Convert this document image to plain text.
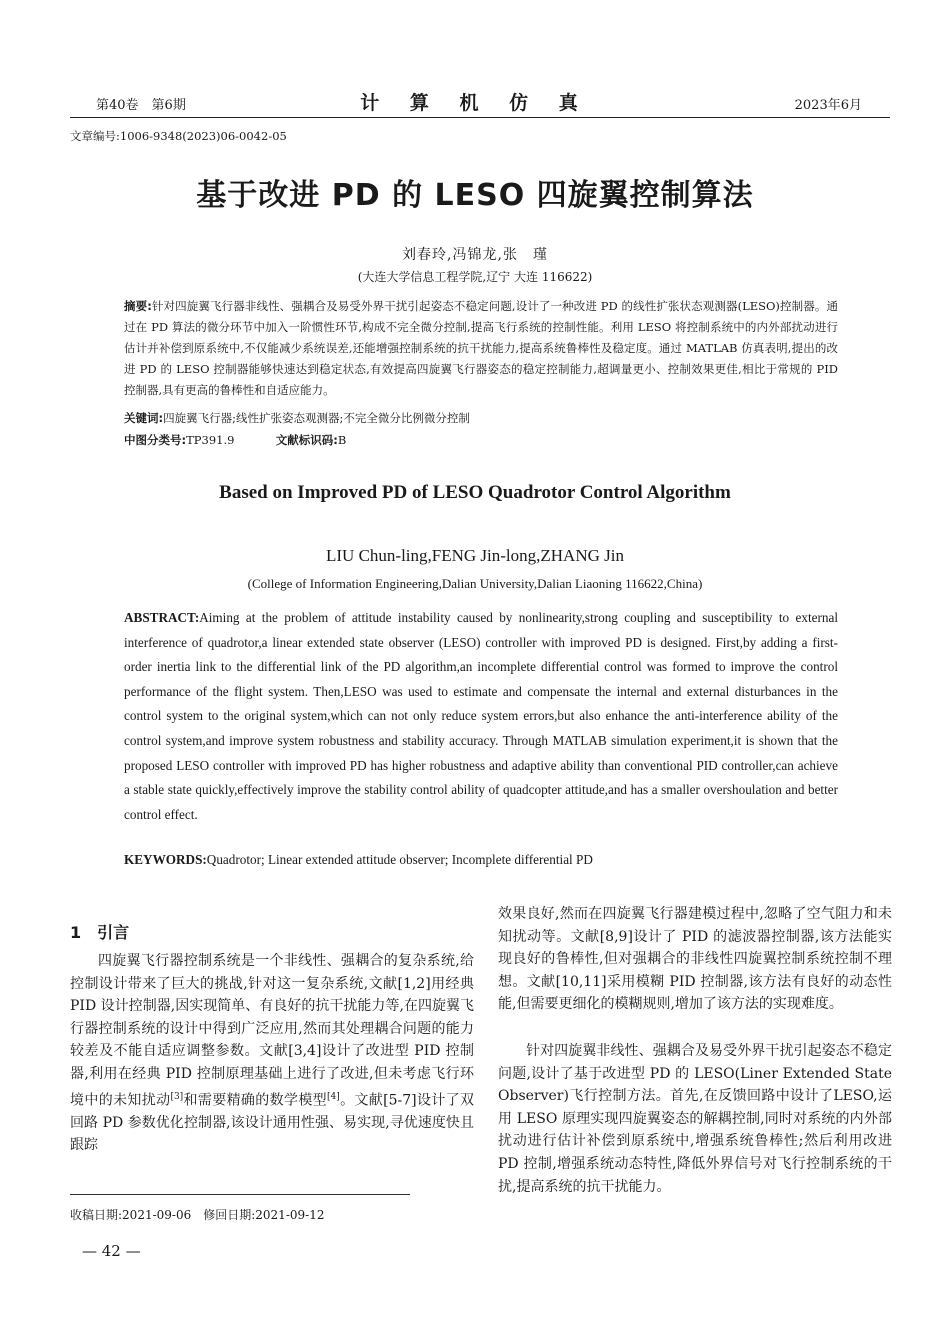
第40卷　第6期	计 算 机 仿 真	2023年6月
文章编号:1006-9348(2023)06-0042-05
基于改进 PD 的 LESO 四旋翼控制算法
刘春玲,冯锦龙,张　瑾
(大连大学信息工程学院,辽宁 大连 116622)
摘要:针对四旋翼飞行器非线性、强耦合及易受外界干扰引起姿态不稳定问题,设计了一种改进 PD 的线性扩张状态观测器(LESO)控制器。通过在 PD 算法的微分环节中加入一阶惯性环节,构成不完全微分控制,提高飞行系统的控制性能。利用 LESO 将控制系统中的内外部扰动进行估计并补偿到原系统中,不仅能减少系统误差,还能增强控制系统的抗干扰能力,提高系统鲁棒性及稳定度。通过 MATLAB 仿真表明,提出的改进 PD 的 LESO 控制器能够快速达到稳定状态,有效提高四旋翼飞行器姿态的稳定控制能力,超调量更小、控制效果更佳,相比于常规的 PID 控制器,具有更高的鲁棒性和自适应能力。
关键词:四旋翼飞行器;线性扩张姿态观测器;不完全微分比例微分控制
中图分类号:TP391.9	文献标识码:B
Based on Improved PD of LESO Quadrotor Control Algorithm
LIU Chun-ling,FENG Jin-long,ZHANG Jin
(College of Information Engineering,Dalian University,Dalian Liaoning 116622,China)
ABSTRACT:Aiming at the problem of attitude instability caused by nonlinearity,strong coupling and susceptibility to external interference of quadrotor,a linear extended state observer (LESO) controller with improved PD is designed. First,by adding a first-order inertia link to the differential link of the PD algorithm,an incomplete differential control was formed to improve the control performance of the flight system. Then,LESO was used to estimate and compensate the internal and external disturbances in the control system to the original system,which can not only reduce system errors,but also enhance the anti-interference ability of the control system,and improve system robustness and stability accuracy. Through MATLAB simulation experiment,it is shown that the proposed LESO controller with improved PD has higher robustness and adaptive ability than conventional PID controller,can achieve a stable state quickly,effectively improve the stability control ability of quadcopter attitude,and has a smaller overshoulation and better control effect.
KEYWORDS:Quadrotor; Linear extended attitude observer; Incomplete differential PD
1 引言
四旋翼飞行器控制系统是一个非线性、强耦合的复杂系统,给控制设计带来了巨大的挑战,针对这一复杂系统,文献[1,2]用经典 PID 设计控制器,因实现简单、有良好的抗干扰能力等,在四旋翼飞行器控制系统的设计中得到广泛应用,然而其处理耦合问题的能力较差及不能自适应调整参数。文献[3,4]设计了改进型 PID 控制器,利用在经典 PID 控制原理基础上进行了改进,但未考虑飞行环境中的未知扰动[3]和需要精确的数学模型[4]。文献[5-7]设计了双回路 PD 参数优化控制器,该设计通用性强、易实现,寻优速度快且跟踪
效果良好,然而在四旋翼飞行器建模过程中,忽略了空气阻力和未知扰动等。文献[8,9]设计了 PID 的滤波器控制器,该方法能实现良好的鲁棒性,但对强耦合的非线性四旋翼控制系统控制不理想。文献[10,11]采用模糊 PID 控制器,该方法有良好的动态性能,但需要更细化的模糊规则,增加了该方法的实现难度。
针对四旋翼非线性、强耦合及易受外界干扰引起姿态不稳定问题,设计了基于改进型 PD 的 LESO(Liner Extended State Observer)飞行控制方法。首先,在反馈回路中设计了LESO,运用 LESO 原理实现四旋翼姿态的解耦控制,同时对系统的内外部扰动进行估计补偿到原系统中,增强系统鲁棒性;然后利用改进 PD 控制,增强系统动态特性,降低外界信号对飞行控制系统的干扰,提高系统的抗干扰能力。
收稿日期:2021-09-06　修回日期:2021-09-12
— 42 —
